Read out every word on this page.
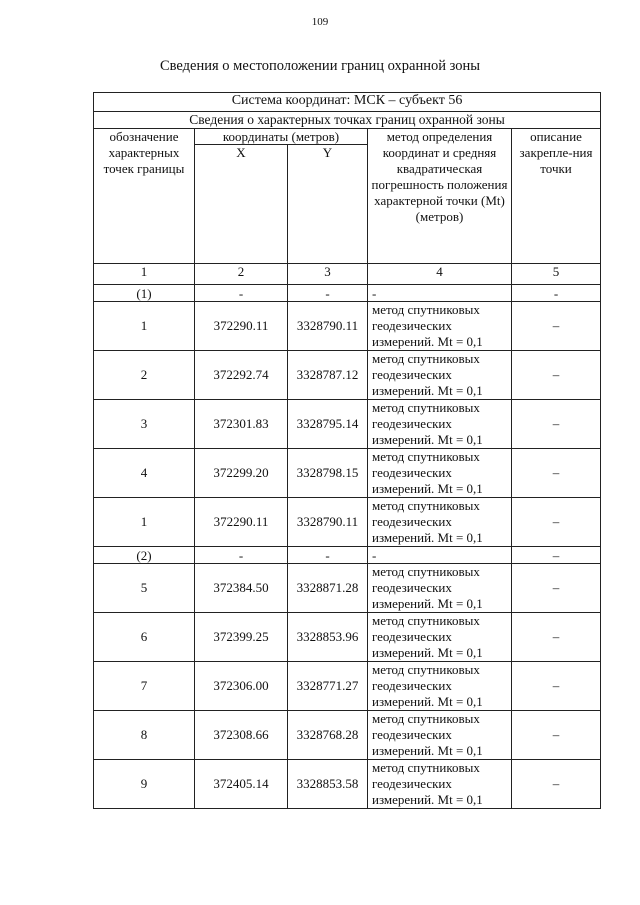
109
Сведения о местоположении границ охранной зоны
Система координат: МСК – субъект 56				
Сведения о характерных точках границ охранной зоны				
обозначение характерных точек границы	координаты (метров)		метод определения координат и средняя квадратическая погрешность положения характерной точки (Мt) (метров)	описание закрепле-ния точки
	X	Y		
1	2	3	4	5
(1)	-	-	-	-
1	372290.11	3328790.11	метод спутниковых геодезических измерений. Mt = 0,1	–
2	372292.74	3328787.12	метод спутниковых геодезических измерений. Mt = 0,1	–
3	372301.83	3328795.14	метод спутниковых геодезических измерений. Mt = 0,1	–
4	372299.20	3328798.15	метод спутниковых геодезических измерений. Mt = 0,1	–
1	372290.11	3328790.11	метод спутниковых геодезических измерений. Mt = 0,1	–
(2)	-	-	-	–
5	372384.50	3328871.28	метод спутниковых геодезических измерений. Mt = 0,1	–
6	372399.25	3328853.96	метод спутниковых геодезических измерений. Mt = 0,1	–
7	372306.00	3328771.27	метод спутниковых геодезических измерений. Mt = 0,1	–
8	372308.66	3328768.28	метод спутниковых геодезических измерений. Mt = 0,1	–
9	372405.14	3328853.58	метод спутниковых геодезических измерений. Mt = 0,1	–
